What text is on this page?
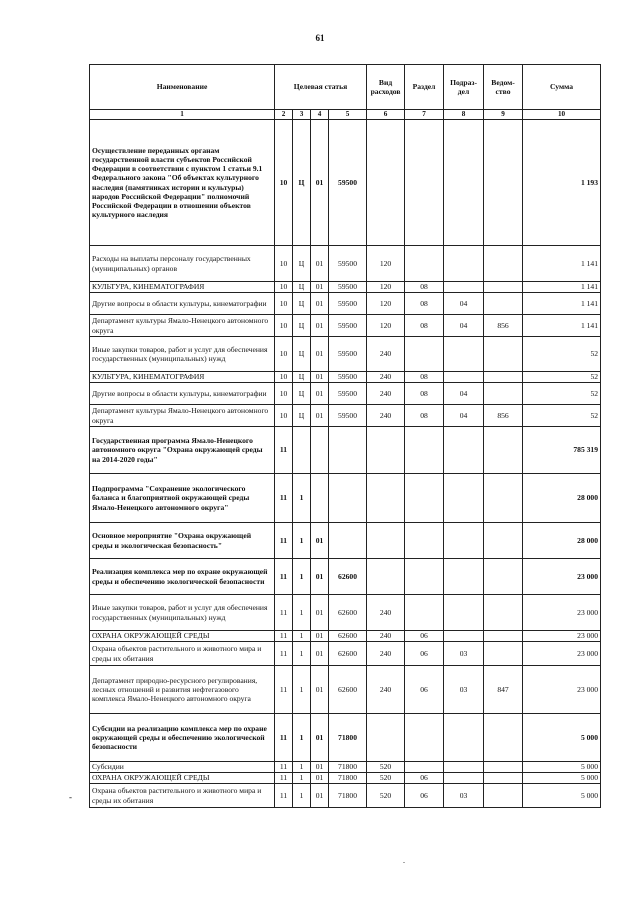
61
Наименование	Целевая статья				Вид расходов	Раздел	Подраз- дел	Ведом- ство	Сумма
1	2	3	4	5	6	7	8	9	10
Осуществление переданных органам государственной власти субъектов Российской Федерации в соответствии с пунктом 1 статьи 9.1 Федерального закона "Об объектах культурного наследия (памятниках истории и культуры) народов Российской Федерации" полномочий Российской Федерации в отношении объектов культурного наследия	10	Ц	01	59500					1 193
Расходы на выплаты персоналу государственных (муниципальных) органов	10	Ц	01	59500	120				1 141
КУЛЬТУРА, КИНЕМАТОГРАФИЯ	10	Ц	01	59500	120	08			1 141
Другие вопросы в области культуры, кинематографии	10	Ц	01	59500	120	08	04		1 141
Департамент культуры Ямало-Ненецкого автономного округа	10	Ц	01	59500	120	08	04	856	1 141
Иные закупки товаров, работ и услуг для обеспечения государственных (муниципальных) нужд	10	Ц	01	59500	240				52
КУЛЬТУРА, КИНЕМАТОГРАФИЯ	10	Ц	01	59500	240	08			52
Другие вопросы в области культуры, кинематографии	10	Ц	01	59500	240	08	04		52
Департамент культуры Ямало-Ненецкого автономного округа	10	Ц	01	59500	240	08	04	856	52
Государственная программа Ямало-Ненецкого автономного округа "Охрана окружающей среды на 2014-2020 годы"	11								785 319
Подпрограмма "Сохранение экологического баланса и благоприятной окружающей среды Ямало-Ненецкого автономного округа"	11	1							28 000
Основное мероприятие "Охрана окружающей среды и экологическая безопасность"	11	1	01						28 000
Реализация комплекса мер по охране окружающей среды и обеспечению экологической безопасности	11	1	01	62600					23 000
Иные закупки товаров, работ и услуг для обеспечения государственных (муниципальных) нужд	11	1	01	62600	240				23 000
ОХРАНА ОКРУЖАЮЩЕЙ СРЕДЫ	11	1	01	62600	240	06			23 000
Охрана объектов растительного и животного мира и среды их обитания	11	1	01	62600	240	06	03		23 000
Департамент природно-ресурсного регулирования, лесных отношений и развития нефтегазового комплекса Ямало-Ненецкого автономного округа	11	1	01	62600	240	06	03	847	23 000
Субсидии на реализацию комплекса мер по охране окружающей среды и обеспечению экологической безопасности	11	1	01	71800					5 000
Субсидии	11	1	01	71800	520				5 000
ОХРАНА ОКРУЖАЮЩЕЙ СРЕДЫ	11	1	01	71800	520	06			5 000
Охрана объектов растительного и животного мира и среды их обитания	11	1	01	71800	520	06	03		5 000
-
.
